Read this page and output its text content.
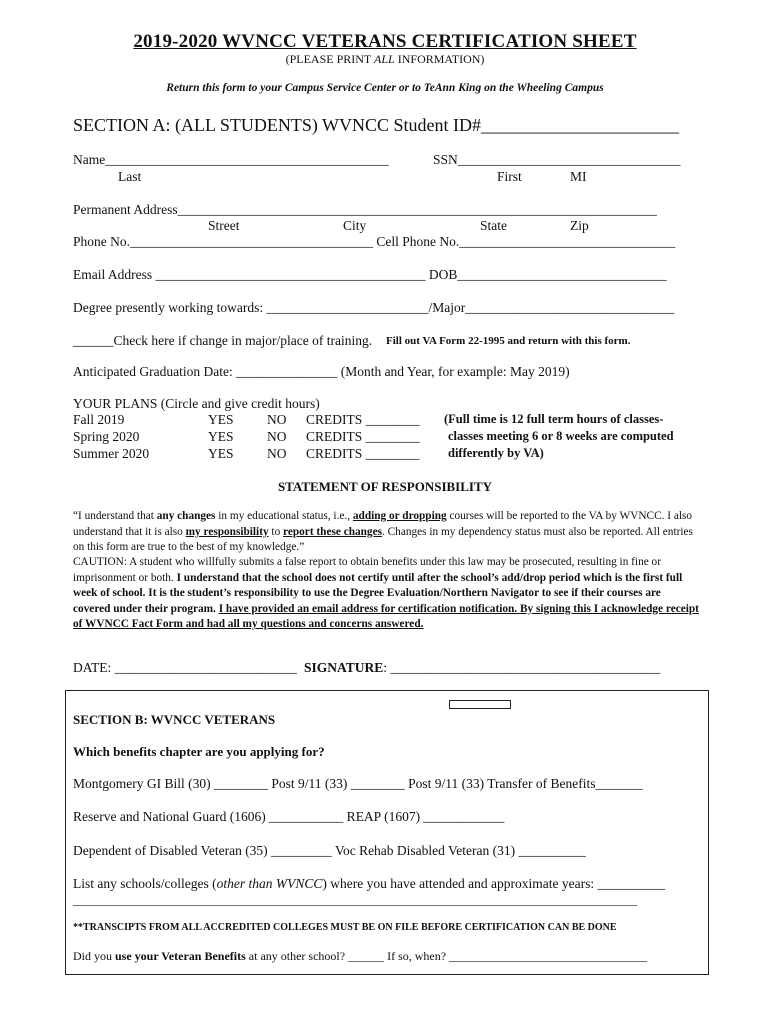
2019-2020 WVNCC VETERANS CERTIFICATION SHEET
(PLEASE PRINT ALL INFORMATION)
Return this form to your Campus Service Center or to TeAnn King on the Wheeling Campus
SECTION A: (ALL STUDENTS) WVNCC Student ID#______________________
Name__________________________________________	SSN_________________________________
Last	First	MI
Permanent Address_______________________________________________________________________
Street	City	State	Zip
Phone No.____________________________________ Cell Phone No.________________________________
Email Address ________________________________________ DOB_______________________________
Degree presently working towards: ________________________/Major_______________________________
______Check here if change in major/place of training. Fill out VA Form 22-1995 and return with this form.
Anticipated Graduation Date: _______________ (Month and Year, for example: May 2019)
YOUR PLANS (Circle and give credit hours)
Fall 2019	YES NO CREDITS ________
Spring 2020	YES NO CREDITS ________
Summer 2020	YES NO CREDITS ________
(Full time is 12 full term hours of classes-
classes meeting 6 or 8 weeks are computed
differently by VA)
STATEMENT OF RESPONSIBILITY
“I understand that any changes in my educational status, i.e., adding or dropping courses will be reported to the VA by WVNCC. I also understand that it is also my responsibility to report these changes. Changes in my dependency status must also be reported. All entries on this form are true to the best of my knowledge.”
CAUTION: A student who willfully submits a false report to obtain benefits under this law may be prosecuted, resulting in fine or imprisonment or both. I understand that the school does not certify until after the school’s add/drop period which is the first full week of school. It is the student’s responsibility to use the Degree Evaluation/Northern Navigator to see if their courses are covered under their program. I have provided an email address for certification notification. By signing this I acknowledge receipt of WVNCC Fact Form and had all my questions and concerns answered.
DATE: ___________________________ SIGNATURE: ________________________________________
SECTION B: WVNCC VETERANS
Which benefits chapter are you applying for?
Montgomery GI Bill (30) ________ Post 9/11 (33) ________ Post 9/11 (33) Transfer of Benefits_______
Reserve and National Guard (1606) ___________ REAP (1607) ____________
Dependent of Disabled Veteran (35) _________ Voc Rehab Disabled Veteran (31) __________
List any schools/colleges (other than WVNCC) where you have attended and approximate years: __________
______________________________________________________________________________________________
**TRANSCIPTS FROM ALL ACCREDITED COLLEGES MUST BE ON FILE BEFORE CERTIFICATION CAN BE DONE
Did you use your Veteran Benefits at any other school? ______ If so, when? _________________________________
